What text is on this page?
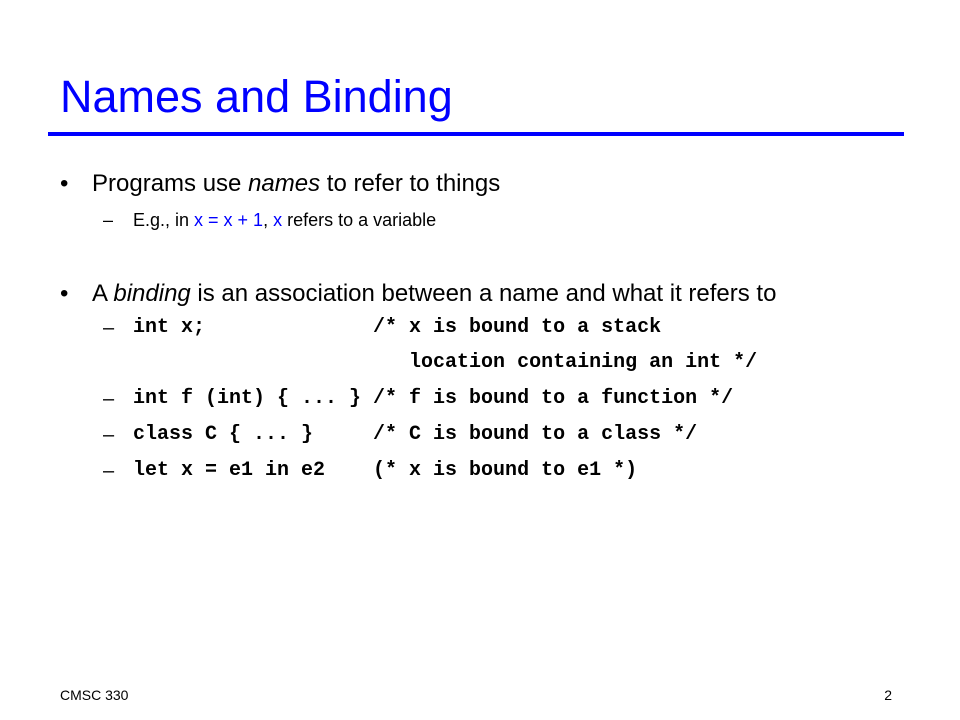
Names and Binding
• Programs use names to refer to things
– E.g., in x = x + 1, x refers to a variable
• A binding is an association between a name and what it refers to
– int x;              /* x is bound to a stack
location containing an int */
– int f (int) { ... } /* f is bound to a function */
– class C { ... }     /* C is bound to a class */
– let x = e1 in e2    (* x is bound to e1 *)
CMSC 330	2
